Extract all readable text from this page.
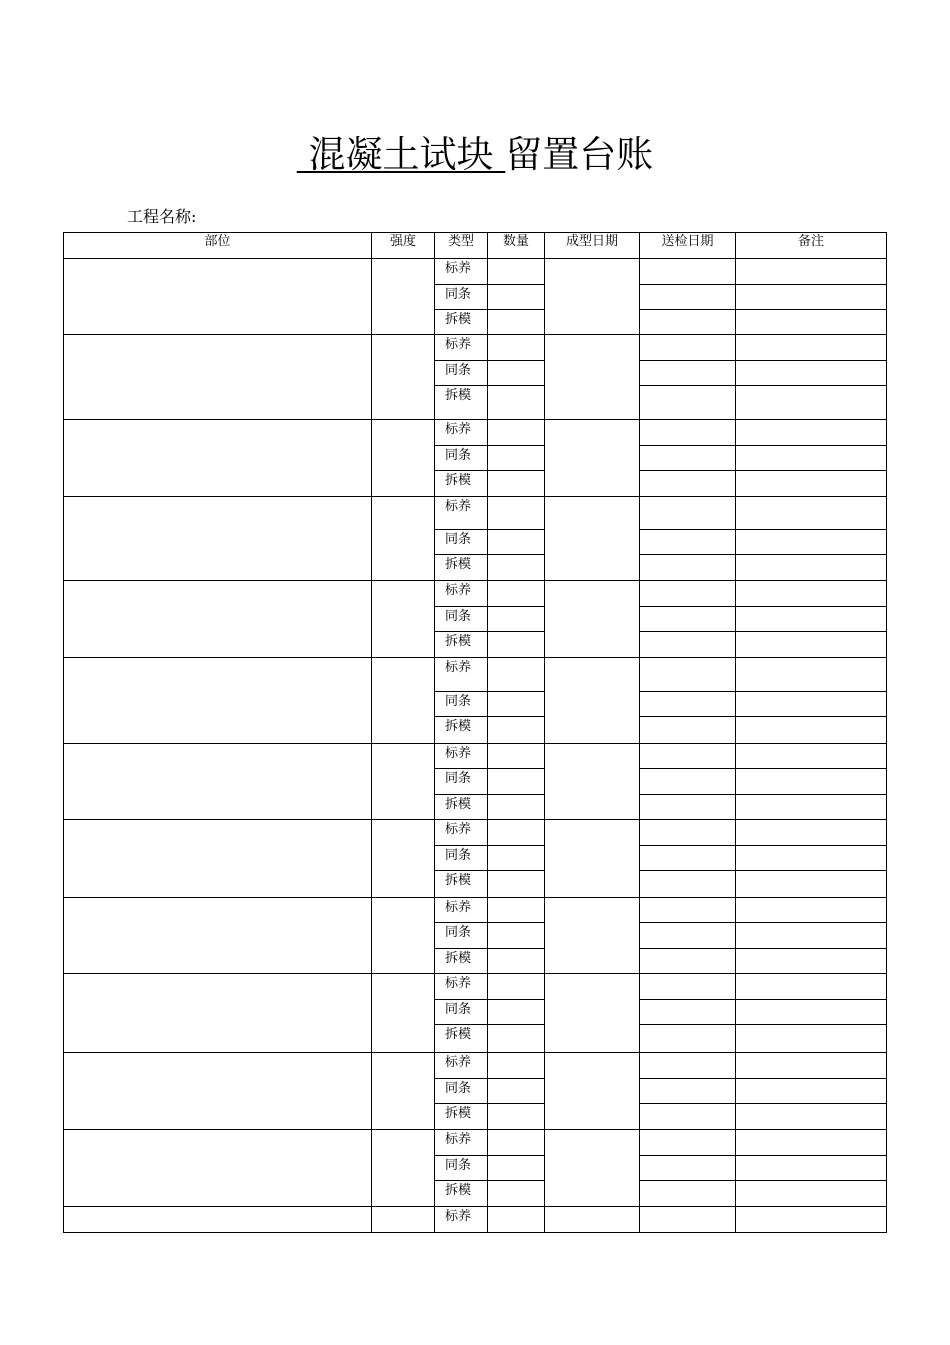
混凝土试块 留置台账
工程名称:
部位	强度	类型	数量	成型日期	送检日期	备注
		标养				
		同条				
		拆模				
		标养				
		同条				
		拆模				
		标养				
		同条				
		拆模				
		标养				
		同条				
		拆模				
		标养				
		同条				
		拆模				
		标养				
		同条				
		拆模				
		标养				
		同条				
		拆模				
		标养				
		同条				
		拆模				
		标养				
		同条				
		拆模				
		标养				
		同条				
		拆模				
		标养				
		同条				
		拆模				
		标养				
		同条				
		拆模				
		标养				
